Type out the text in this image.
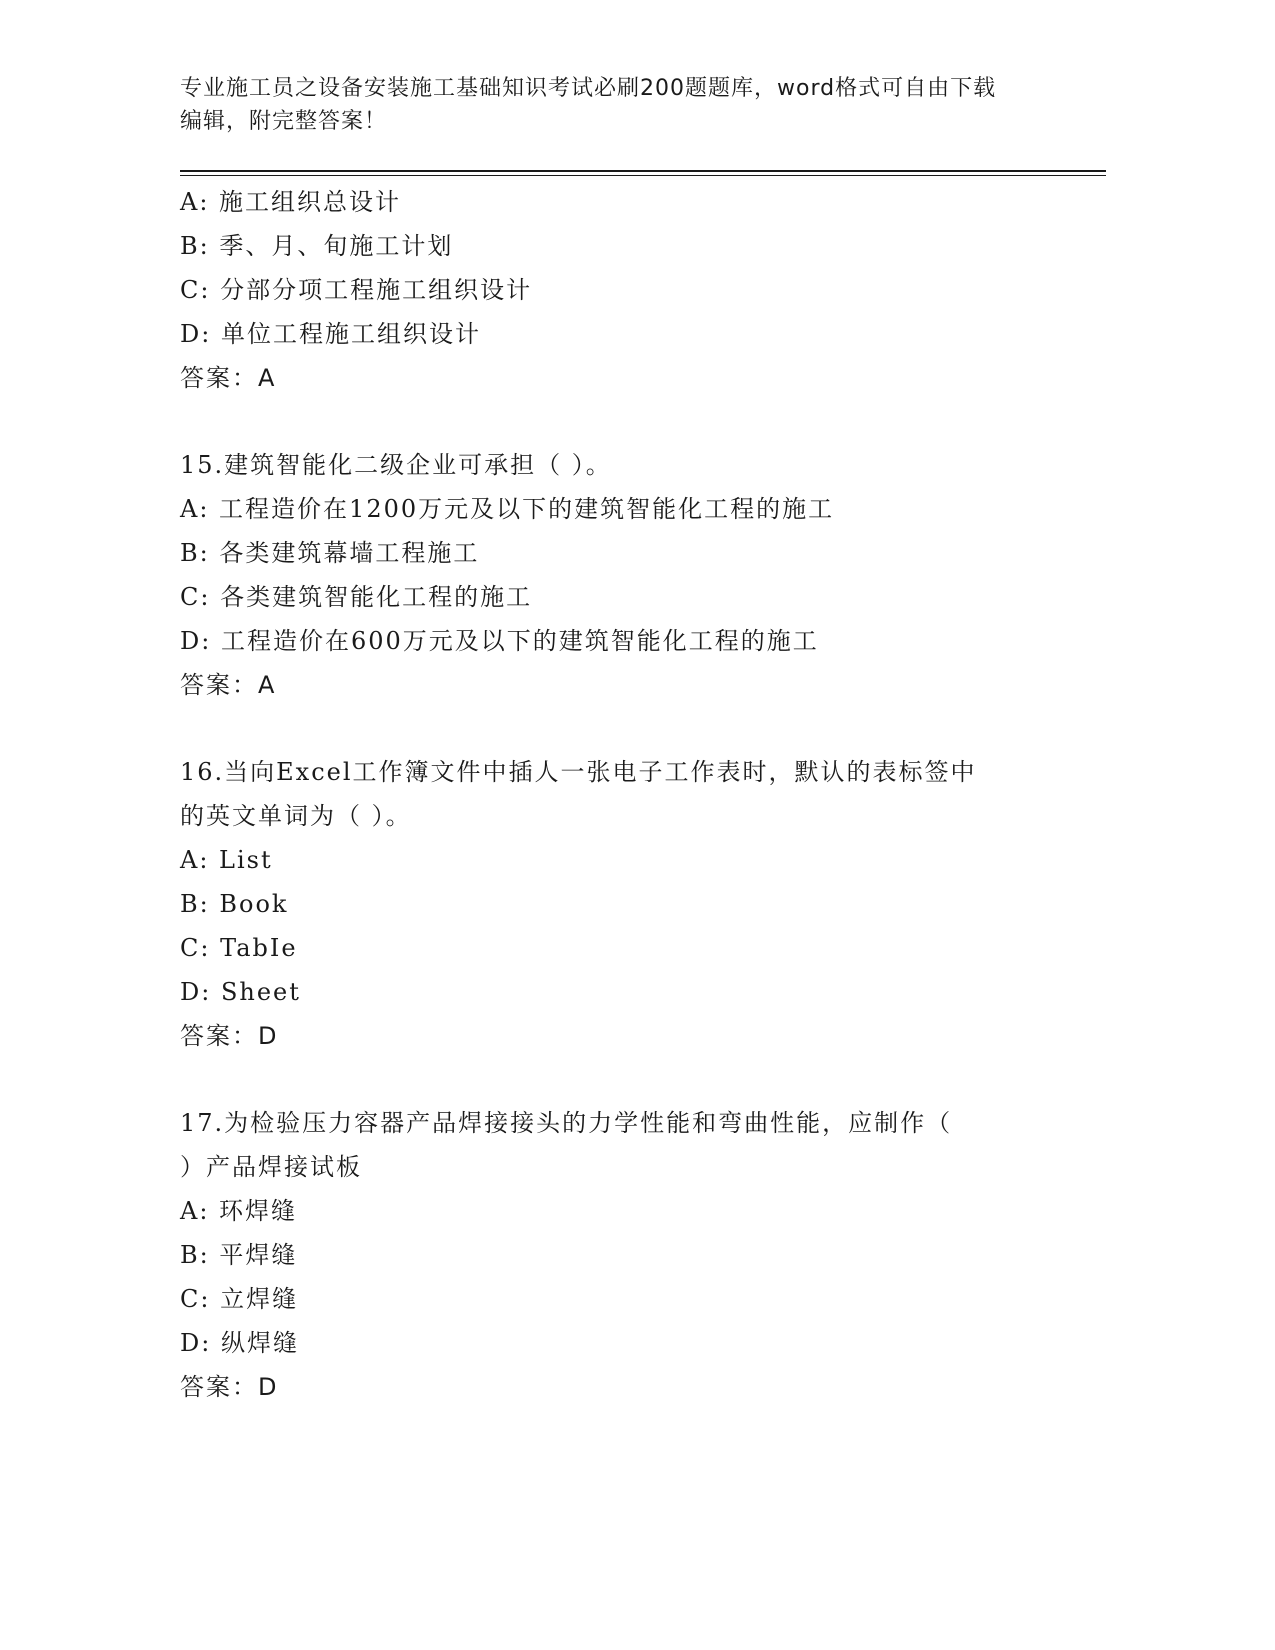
专业施工员之设备安装施工基础知识考试必刷200题题库，word格式可自由下载
编辑，附完整答案！
A: 施工组织总设计
B: 季、月、旬施工计划
C: 分部分项工程施工组织设计
D: 单位工程施工组织设计
答案：A
15.建筑智能化二级企业可承担（ ）。
A: 工程造价在1200万元及以下的建筑智能化工程的施工
B: 各类建筑幕墙工程施工
C: 各类建筑智能化工程的施工
D: 工程造价在600万元及以下的建筑智能化工程的施工
答案：A
16.当向Excel工作簿文件中插人一张电子工作表时，默认的表标签中
的英文单词为（ ）。
A: List
B: Book
C: TabIe
D: Sheet
答案：D
17.为检验压力容器产品焊接接头的力学性能和弯曲性能，应制作（
）产品焊接试板
A: 环焊缝
B: 平焊缝
C: 立焊缝
D: 纵焊缝
答案：D
